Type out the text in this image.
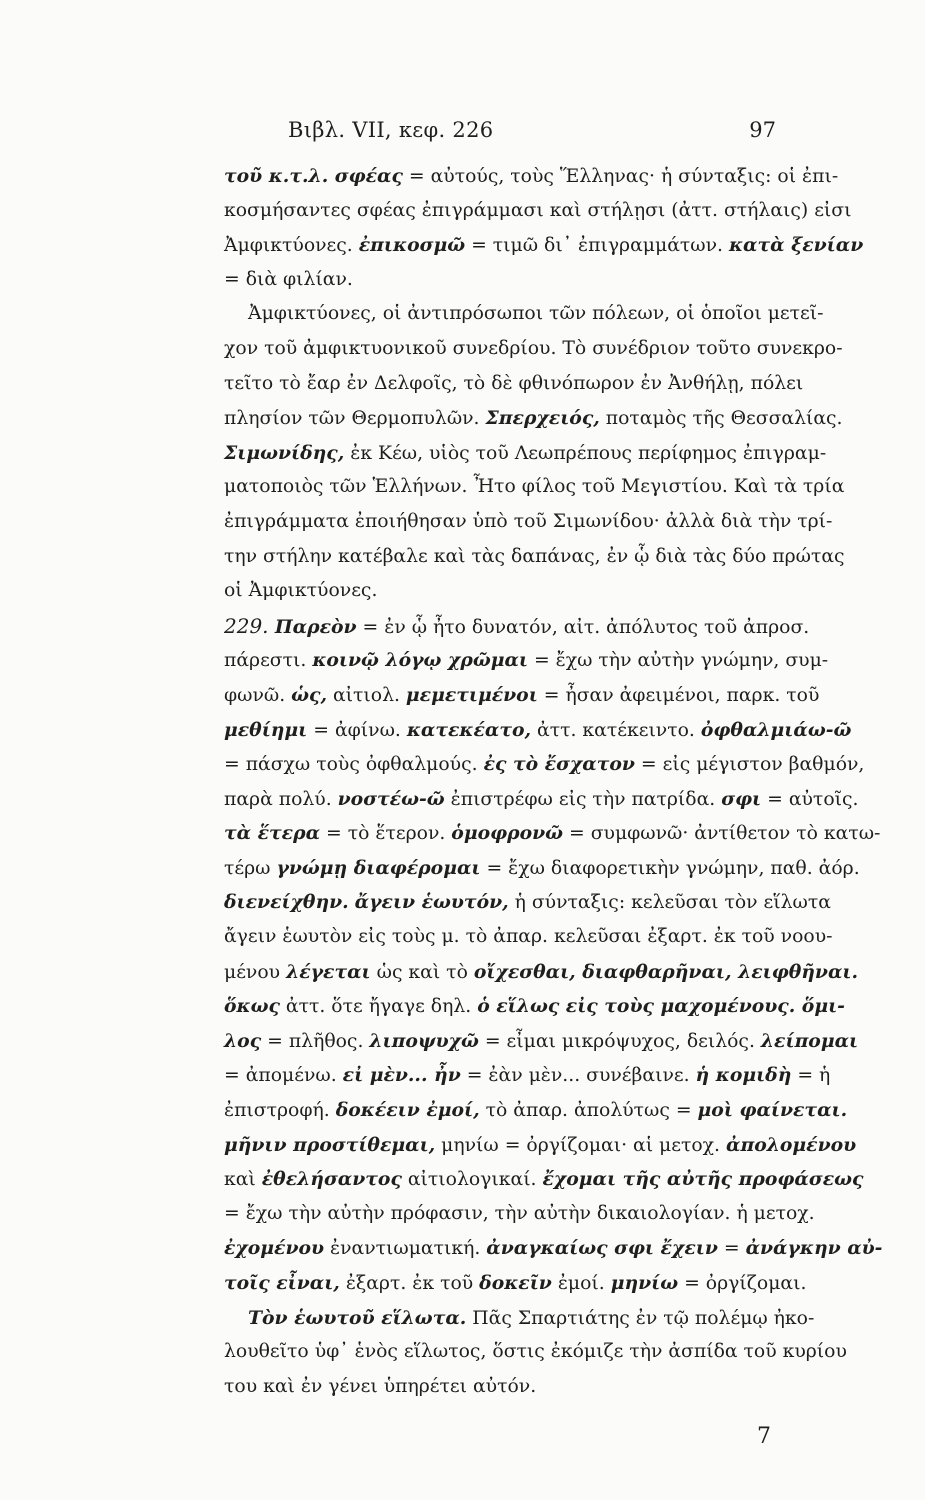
Βιβλ. VII, κεφ. 226	97
τοῦ κ.τ.λ. σφέας = αὐτούς, τοὺς Ἕλληνας· ἡ σύνταξις: οἱ ἐπι-
κοσμήσαντες σφέας ἐπιγράμμασι καὶ στήλῃσι (ἀττ. στήλαις) εἰσι
Ἀμφικτύονες. ἐπικοσμῶ = τιμῶ δι᾽ ἐπιγραμμάτων. κατὰ ξενίαν
= διὰ φιλίαν.
Ἀμφικτύονες, οἱ ἀντιπρόσωποι τῶν πόλεων, οἱ ὁποῖοι μετεῖ-
χον τοῦ ἀμφικτυονικοῦ συνεδρίου. Τὸ συνέδριον τοῦτο συνεκρο-
τεῖτο τὸ ἔαρ ἐν Δελφοῖς, τὸ δὲ φθινόπωρον ἐν Ἀνθήλῃ, πόλει
πλησίον τῶν Θερμοπυλῶν. Σπερχειός, ποταμὸς τῆς Θεσσαλίας.
Σιμωνίδης, ἐκ Κέω, υἱὸς τοῦ Λεωπρέπους περίφημος ἐπιγραμ-
ματοποιὸς τῶν Ἑλλήνων. Ἦτο φίλος τοῦ Μεγιστίου. Καὶ τὰ τρία
ἐπιγράμματα ἐποιήθησαν ὑπὸ τοῦ Σιμωνίδου· ἀλλὰ διὰ τὴν τρί-
την στήλην κατέβαλε καὶ τὰς δαπάνας, ἐν ᾧ διὰ τὰς δύο πρώτας
οἱ Ἀμφικτύονες.
229. Παρεὸν = ἐν ᾧ ἦτο δυνατόν, αἰτ. ἀπόλυτος τοῦ ἀπροσ.
πάρεστι. κοινῷ λόγῳ χρῶμαι = ἔχω τὴν αὐτὴν γνώμην, συμ-
φωνῶ. ὡς, αἰτιολ. μεμετιμένοι = ἦσαν ἀφειμένοι, παρκ. τοῦ
μεθίημι = ἀφίνω. κατεκέατο, ἀττ. κατέκειντο. ὀφθαλμιάω-ῶ
= πάσχω τοὺς ὀφθαλμούς. ἐς τὸ ἔσχατον = εἰς μέγιστον βαθμόν,
παρὰ πολύ. νοστέω-ῶ ἐπιστρέφω εἰς τὴν πατρίδα. σφι = αὐτοῖς.
τὰ ἕτερα = τὸ ἕτερον. ὁμοφρονῶ = συμφωνῶ· ἀντίθετον τὸ κατω-
τέρω γνώμῃ διαφέρομαι = ἔχω διαφορετικὴν γνώμην, παθ. ἀόρ.
διενείχθην. ἄγειν ἑωυτόν, ἡ σύνταξις: κελεῦσαι τὸν εἵλωτα
ἄγειν ἑωυτὸν εἰς τοὺς μ. τὸ ἀπαρ. κελεῦσαι ἐξαρτ. ἐκ τοῦ νοου-
μένου λέγεται ὡς καὶ τὸ οἴχεσθαι, διαφθαρῆναι, λειφθῆναι.
ὅκως ἀττ. ὅτε ἤγαγε δηλ. ὁ εἵλως εἰς τοὺς μαχομένους. ὅμι-
λος = πλῆθος. λιποψυχῶ = εἶμαι μικρόψυχος, δειλός. λείπομαι
= ἀπομένω. εἰ μὲν... ἦν = ἐὰν μὲν... συνέβαινε. ἡ κομιδὴ = ἡ
ἐπιστροφή. δοκέειν ἐμοί, τὸ ἀπαρ. ἀπολύτως = μοὶ φαίνεται.
μῆνιν προστίθεμαι, μηνίω = ὀργίζομαι· αἱ μετοχ. ἀπολομένου
καὶ ἐθελήσαντος αἰτιολογικαί. ἔχομαι τῆς αὐτῆς προφάσεως
= ἔχω τὴν αὐτὴν πρόφασιν, τὴν αὐτὴν δικαιολογίαν. ἡ μετοχ.
ἐχομένου ἐναντιωματική. ἀναγκαίως σφι ἔχειν = ἀνάγκην αὐ-
τοῖς εἶναι, ἐξαρτ. ἐκ τοῦ δοκεῖν ἐμοί. μηνίω = ὀργίζομαι.
Τὸν ἑωυτοῦ εἵλωτα. Πᾶς Σπαρτιάτης ἐν τῷ πολέμῳ ἠκο-
λουθεῖτο ὑφ᾽ ἑνὸς εἵλωτος, ὅστις ἐκόμιζε τὴν ἀσπίδα τοῦ κυρίου
του καὶ ἐν γένει ὑπηρέτει αὐτόν.
7
